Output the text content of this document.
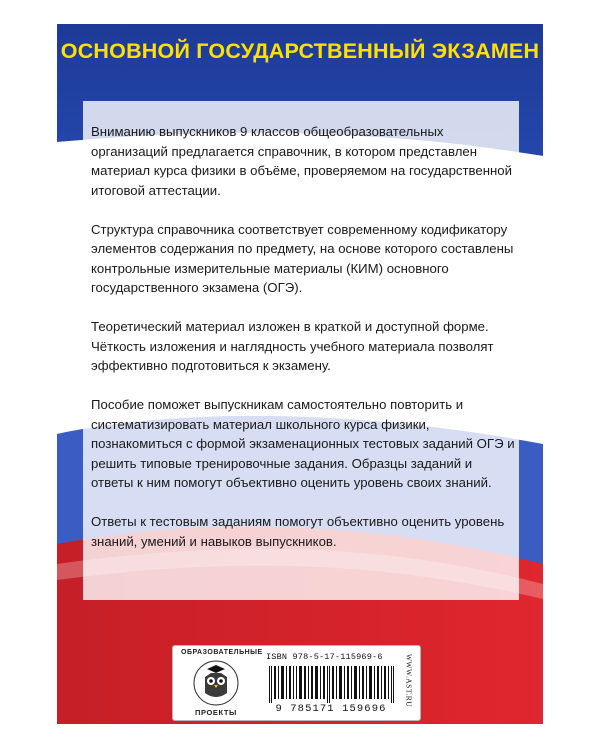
ОСНОВНОЙ ГОСУДАРСТВЕННЫЙ ЭКЗАМЕН

Вниманию выпускников 9 классов общеобразовательных организаций предлагается справочник, в котором представлен материал курса физики в объёме, проверяемом на государственной итоговой аттестации.

Структура справочника соответствует современному кодификатору элементов содержания по предмету, на основе которого составлены контрольные измерительные материалы (КИМ) основного государственного экзамена (ОГЭ).

Теоретический материал изложен в краткой и доступной форме. Чёткость изложения и наглядность учебного материала позволят эффективно подготовиться к экзамену.

Пособие поможет выпускникам самостоятельно повторить и систематизировать материал школьного курса физики, познакомиться с формой экзаменационных тестовых заданий ОГЭ и решить типовые тренировочные задания. Образцы заданий и ответы к ним помогут объективно оценить уровень своих знаний.

Ответы к тестовым заданиям помогут объективно оценить уровень знаний, умений и навыков выпускников.

ОБРАЗОВАТЕЛЬНЫЕ
ПРОЕКТЫ
ISBN 978-5-17-115969-6
9 785171 159696
WWW.AST.RU
